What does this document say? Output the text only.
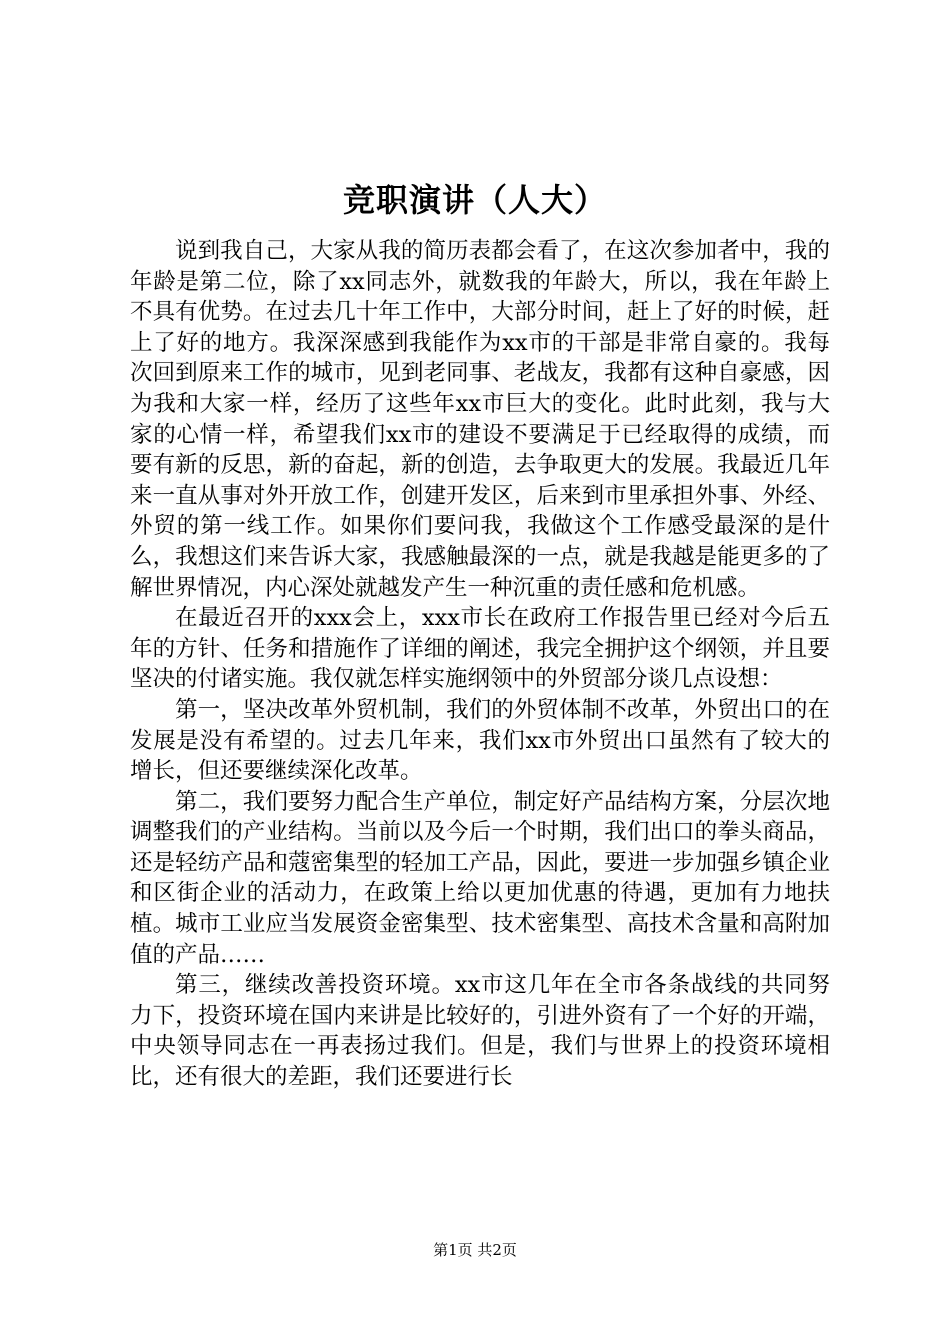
竞职演讲（人大）

说到我自己，大家从我的简历表都会看了，在这次参加者中，我的年龄是第二位，除了xx同志外，就数我的年龄大，所以，我在年龄上不具有优势。在过去几十年工作中，大部分时间，赶上了好的时候，赶上了好的地方。我深深感到我能作为xx市的干部是非常自豪的。我每次回到原来工作的城市，见到老同事、老战友，我都有这种自豪感，因为我和大家一样，经历了这些年xx市巨大的变化。此时此刻，我与大家的心情一样，希望我们xx市的建设不要满足于已经取得的成绩，而要有新的反思，新的奋起，新的创造，去争取更大的发展。我最近几年来一直从事对外开放工作，创建开发区，后来到市里承担外事、外经、外贸的第一线工作。如果你们要问我，我做这个工作感受最深的是什么，我想这们来告诉大家，我感触最深的一点，就是我越是能更多的了解世界情况，内心深处就越发产生一种沉重的责任感和危机感。

在最近召开的xxx会上，xxx市长在政府工作报告里已经对今后五年的方针、任务和措施作了详细的阐述，我完全拥护这个纲领，并且要坚决的付诸实施。我仅就怎样实施纲领中的外贸部分谈几点设想：

第一，坚决改革外贸机制，我们的外贸体制不改革，外贸出口的在发展是没有希望的。过去几年来，我们xx市外贸出口虽然有了较大的增长，但还要继续深化改革。

第二，我们要努力配合生产单位，制定好产品结构方案，分层次地调整我们的产业结构。当前以及今后一个时期，我们出口的拳头商品，还是轻纺产品和蔻密集型的轻加工产品，因此，要进一步加强乡镇企业和区街企业的活动力，在政策上给以更加优惠的待遇，更加有力地扶植。城市工业应当发展资金密集型、技术密集型、高技术含量和高附加值的产品……

第三，继续改善投资环境。xx市这几年在全市各条战线的共同努力下，投资环境在国内来讲是比较好的，引进外资有了一个好的开端，中央领导同志在一再表扬过我们。但是，我们与世界上的投资环境相比，还有很大的差距，我们还要进行长

第1页 共2页
